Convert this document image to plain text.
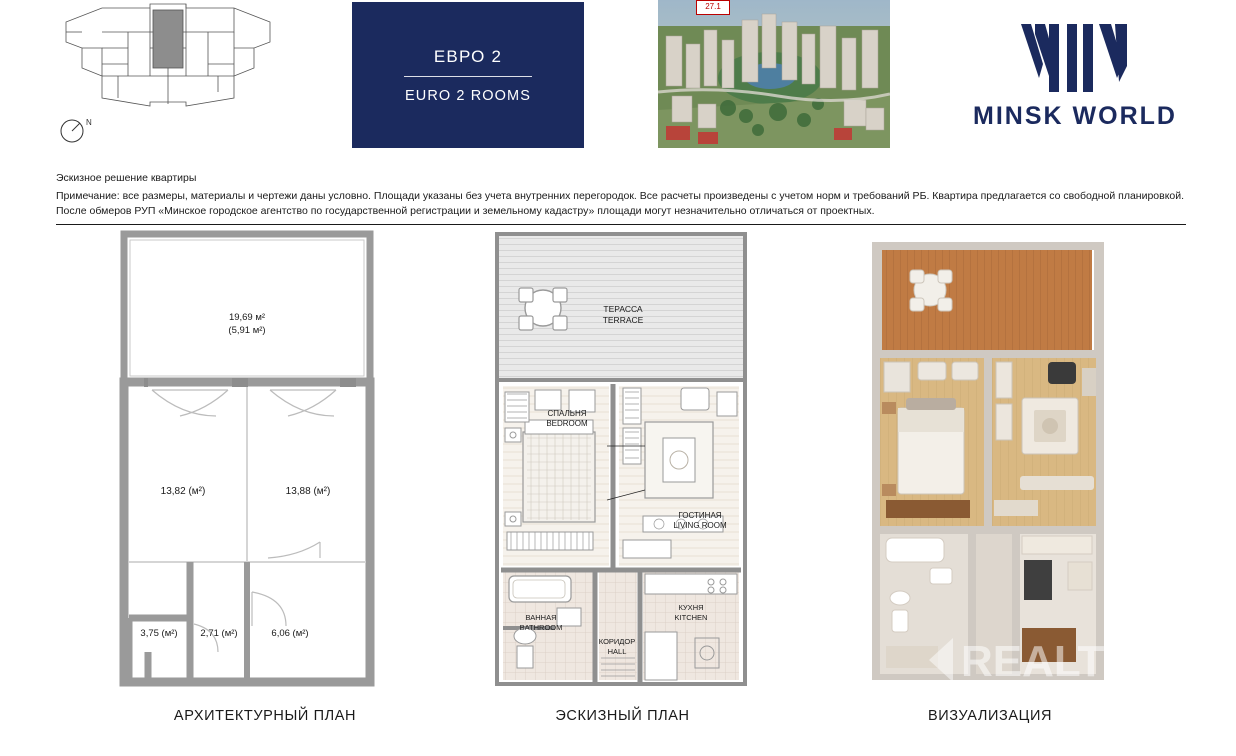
N
ЕВРО 2
EURO 2 ROOMS
27.1
MINSK WORLD
Эскизное решение квартиры
Примечание: все размеры, материалы и чертежи даны условно. Площади указаны без учета внутренних перегородок. Все расчеты произведены с учетом норм и требований РБ. Квартира предлагается со свободной планировкой.
После обмеров РУП «Минское городское агентство по государственной регистрации и земельному кадастру» площади могут незначительно отличаться от проектных.
19,69 м²
(5,91 м²)
13,82 (м²)	13,88 (м²)
3,75 (м²) 2,71 (м²)	6,06 (м²)
АРХИТЕКТУРНЫЙ ПЛАН
ТЕРАССА
TERRACE
СПАЛЬНЯ
BEDROOM
ГОСТИНАЯ
LIVING ROOM
ВАННАЯ
BATHROOM
КОРИДОР
HALL
КУХНЯ
KITCHEN
ЭСКИЗНЫЙ ПЛАН	ВИЗУАЛИЗАЦИЯ
REALT
